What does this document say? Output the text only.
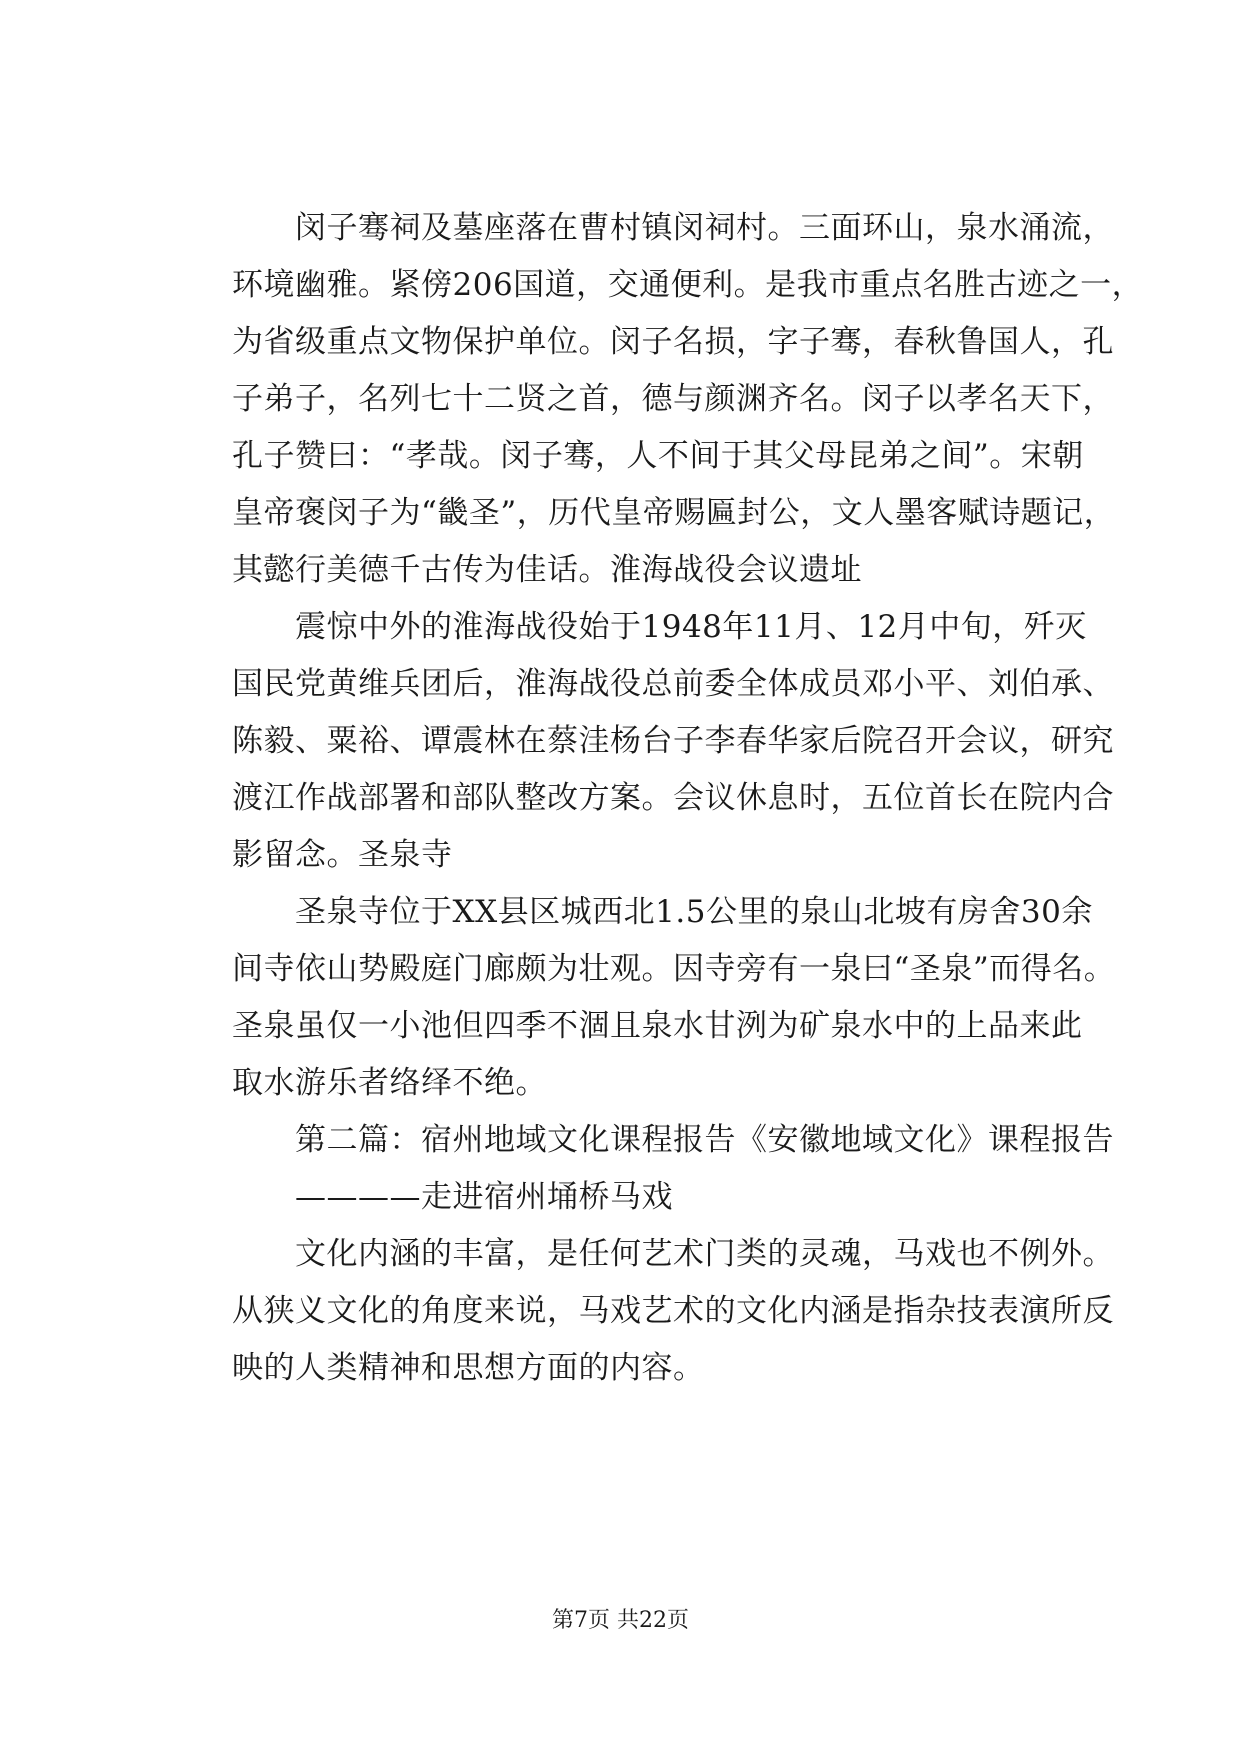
　　闵子骞祠及墓座落在曹村镇闵祠村。三面环山，泉水涌流，
环境幽雅。紧傍206国道，交通便利。是我市重点名胜古迹之一，
为省级重点文物保护单位。闵子名损，字子骞，春秋鲁国人，孔
子弟子，名列七十二贤之首，德与颜渊齐名。闵子以孝名天下，
孔子赞曰：“孝哉。闵子骞，人不间于其父母昆弟之间”。宋朝
皇帝褒闵子为“畿圣”，历代皇帝赐匾封公，文人墨客赋诗题记，
其懿行美德千古传为佳话。淮海战役会议遗址
　　震惊中外的淮海战役始于1948年11月、12月中旬，歼灭
国民党黄维兵团后，淮海战役总前委全体成员邓小平、刘伯承、
陈毅、粟裕、谭震林在蔡洼杨台子李春华家后院召开会议，研究
渡江作战部署和部队整改方案。会议休息时，五位首长在院内合
影留念。圣泉寺
　　圣泉寺位于XX县区城西北1.5公里的泉山北坡有房舍30余
间寺依山势殿庭门廊颇为壮观。因寺旁有一泉曰“圣泉”而得名。
圣泉虽仅一小池但四季不涸且泉水甘洌为矿泉水中的上品来此
取水游乐者络绎不绝。
　　第二篇：宿州地域文化课程报告《安徽地域文化》课程报告
　　————走进宿州埇桥马戏
　　文化内涵的丰富，是任何艺术门类的灵魂，马戏也不例外。
从狭义文化的角度来说，马戏艺术的文化内涵是指杂技表演所反
映的人类精神和思想方面的内容。
第7页 共22页
